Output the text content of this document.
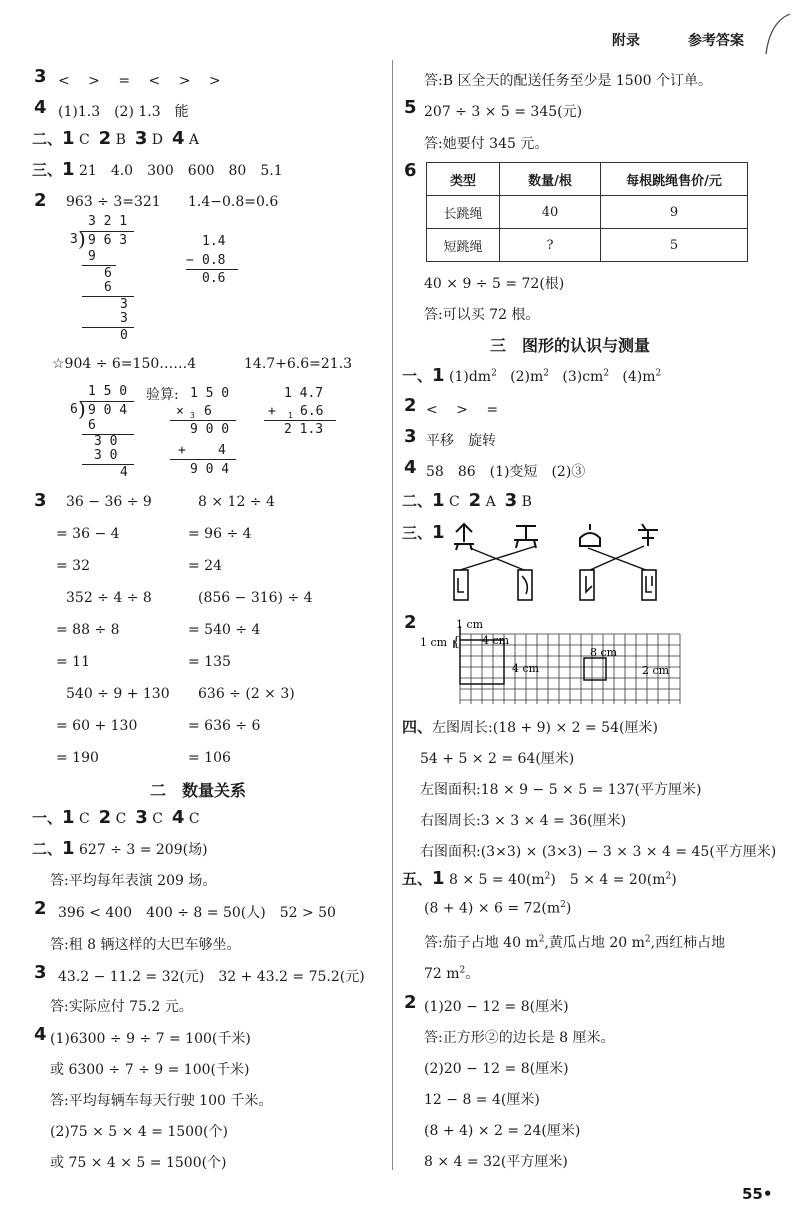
附录	参考答案
3 <　 >　 =　 <　 >　 >
4 (1)1.3　(2) 1.3　能
二、1 C 2 B 3 D 4 A
三、1 21　4.0　300　600　80　5.1
2 963 ÷ 3=321 1.4−0.8=0.6
3 2 1
3 ) 9 6 3
9
6
6
3
3
0
1.4
− 0.8
0.6
☆904 ÷ 6=150……4	14.7+6.6=21.3
1 5 0
6 ) 9 0 4
6
3 0
3 0
4
验算: 1 5 0
× 3 6
9 0 0
+ 4
9 0 4
1 4.7
+ 1 6.6
2 1.3
3 36 − 36 ÷ 9
= 36 − 4
= 32
352 ÷ 4 ÷ 8
= 88 ÷ 8
= 11
540 ÷ 9 + 130
= 60 + 130
= 190
8 × 12 ÷ 4
= 96 ÷ 4
= 24
(856 − 316) ÷ 4
= 540 ÷ 4
= 135
636 ÷ (2 × 3)
= 636 ÷ 6
= 106
二　数量关系
一、1 C 2 C 3 C 4 C
二、1 627 ÷ 3 = 209(场)
答:平均每年表演 209 场。
2 396 < 400　400 ÷ 8 = 50(人)　52 > 50
答:租 8 辆这样的大巴车够坐。
3 43.2 − 11.2 = 32(元)　32 + 43.2 = 75.2(元)
答:实际应付 75.2 元。
4 (1)6300 ÷ 9 ÷ 7 = 100(千米)
或 6300 ÷ 7 ÷ 9 = 100(千米)
答:平均每辆车每天行驶 100 千米。
(2)75 × 5 × 4 = 1500(个)
或 75 × 4 × 5 = 1500(个)
答:B 区全天的配送任务至少是 1500 个订单。
5 207 ÷ 3 × 5 = 345(元)
答:她要付 345 元。
6	类型	数量/根	每根跳绳售价/元
长跳绳	40	9
短跳绳	?	5
40 × 9 ÷ 5 = 72(根)
答:可以买 72 根。
三　图形的认识与测量
一、1 $(1)dm^2$ $(2)m^2$ $(3)cm^2$ $(4)m^2$
2 <　 >　 =
3 平移　旋转
4 58　86　(1)变短　(2)③
二、1 C 2 A 3 B
三、1
2	1 cm
1 cm { 4 cm
8 cm
4 cm	2 cm
四、左图周长:(18 + 9) × 2 = 54(厘米)
54 + 5 × 2 = 64(厘米)
左图面积:18 × 9 − 5 × 5 = 137(平方厘米)
右图周长:3 × 3 × 4 = 36(厘米)
右图面积:(3×3) × (3×3) − 3 × 3 × 4 = 45(平方厘米)
五、1 $8 \times 5 = 40(m^2)$　$5 \times 4 = 20(m^2)$
$(8 + 4) \times 6 = 72(m^2)$
答:茄子占地 40 $m^2$,黄瓜占地 20 $m^2$,西红柿占地
72 $m^2$。
2 (1)20 − 12 = 8(厘米)
答:正方形②的边长是 8 厘米。
(2)20 − 12 = 8(厘米)
12 − 8 = 4(厘米)
(8 + 4) × 2 = 24(厘米)
8 × 4 = 32(平方厘米)
55•
